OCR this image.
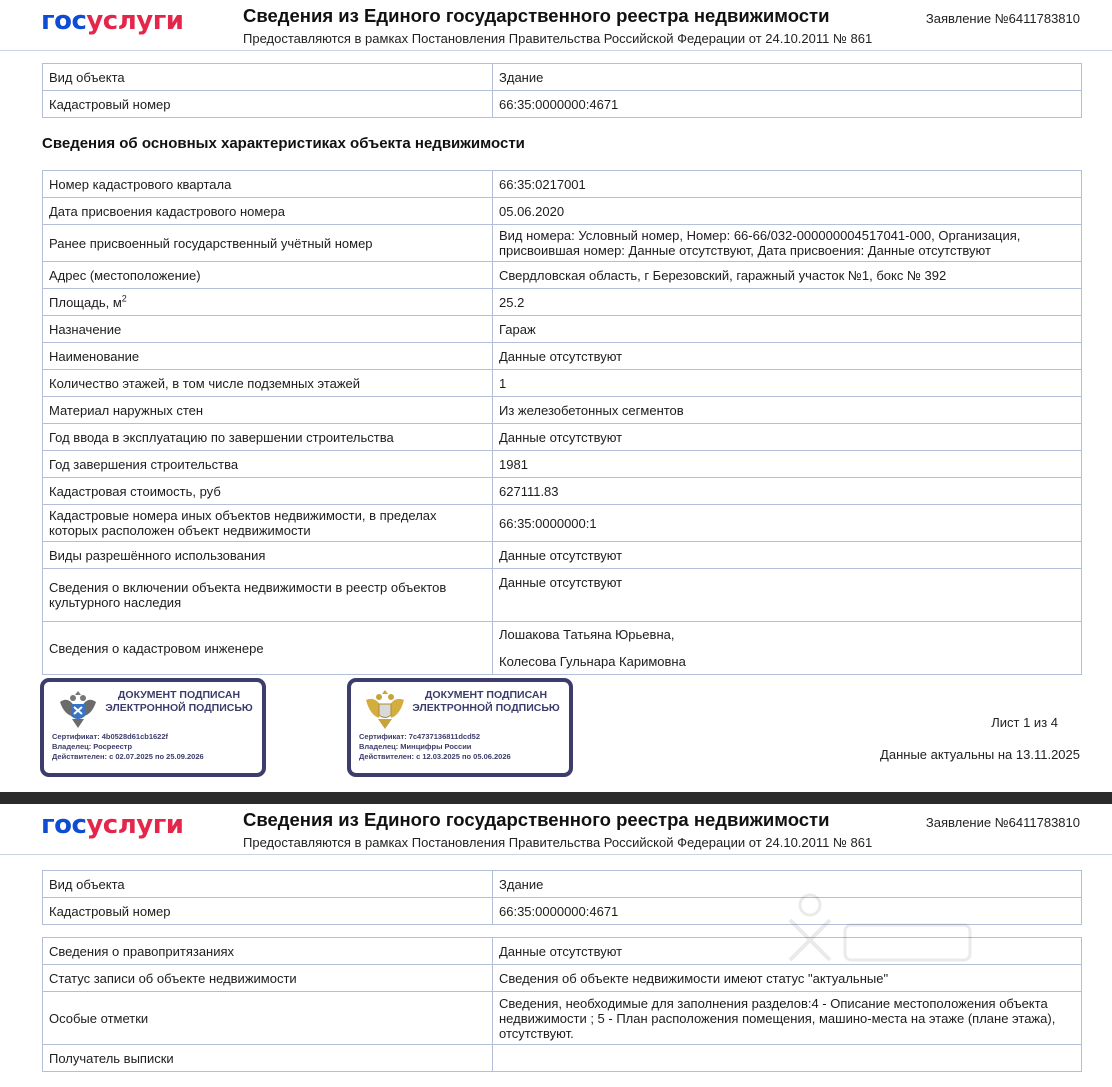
госуслуги	Сведения из Единого государственного реестра недвижимости
Предоставляются в рамках Постановления Правительства Российской Федерации от 24.10.2011 № 861
Заявление №6411783810
Вид объекта	Здание
Кадастровый номер	66:35:0000000:4671
Сведения об основных характеристиках объекта недвижимости
Номер кадастрового квартала	66:35:0217001
Дата присвоения кадастрового номера	05.06.2020
Ранее присвоенный государственный учётный номер	Вид номера: Условный номер, Номер: 66-66/032-000000004517041-000, Организация, присвоившая номер: Данные отсутствуют, Дата присвоения: Данные отсутствуют
Адрес (местоположение)	Свердловская область, г Березовский, гаражный участок №1, бокс № 392
Площадь, $м^2$	25.2
Назначение	Гараж
Наименование	Данные отсутствуют
Количество этажей, в том числе подземных этажей	1
Материал наружных стен	Из железобетонных сегментов
Год ввода в эксплуатацию по завершении строительства	Данные отсутствуют
Год завершения строительства	1981
Кадастровая стоимость, руб	627111.83
Кадастровые номера иных объектов недвижимости, в пределах которых расположен объект недвижимости	66:35:0000000:1
Виды разрешённого использования	Данные отсутствуют
Сведения о включении объекта недвижимости в реестр объектов культурного наследия	Данные отсутствуют
Сведения о кадастровом инженере	Лошакова Татьяна Юрьевна,
Колесова Гульнара Каримовна
ДОКУМЕНТ ПОДПИСАН ЭЛЕКТРОННОЙ ПОДПИСЬЮ
Сертификат: 4b0528d61cb1622f
Владелец: Росреестр
Действителен: с 02.07.2025 по 25.09.2026
ДОКУМЕНТ ПОДПИСАН ЭЛЕКТРОННОЙ ПОДПИСЬЮ
Сертификат: 7c4737136811dcd52
Владелец: Минцифры России
Действителен: с 12.03.2025 по 05.06.2026
Лист 1 из 4
Данные актуальны на 13.11.2025
госуслуги	Сведения из Единого государственного реестра недвижимости
Предоставляются в рамках Постановления Правительства Российской Федерации от 24.10.2011 № 861
Заявление №6411783810
Вид объекта	Здание
Кадастровый номер	66:35:0000000:4671
Сведения о правопритязаниях	Данные отсутствуют
Статус записи об объекте недвижимости	Сведения об объекте недвижимости имеют статус "актуальные"
Особые отметки	Сведения, необходимые для заполнения разделов:4 - Описание местоположения объекта недвижимости ; 5 - План расположения помещения, машино-места на этаже (плане этажа), отсутствуют.
Получатель выписки	
